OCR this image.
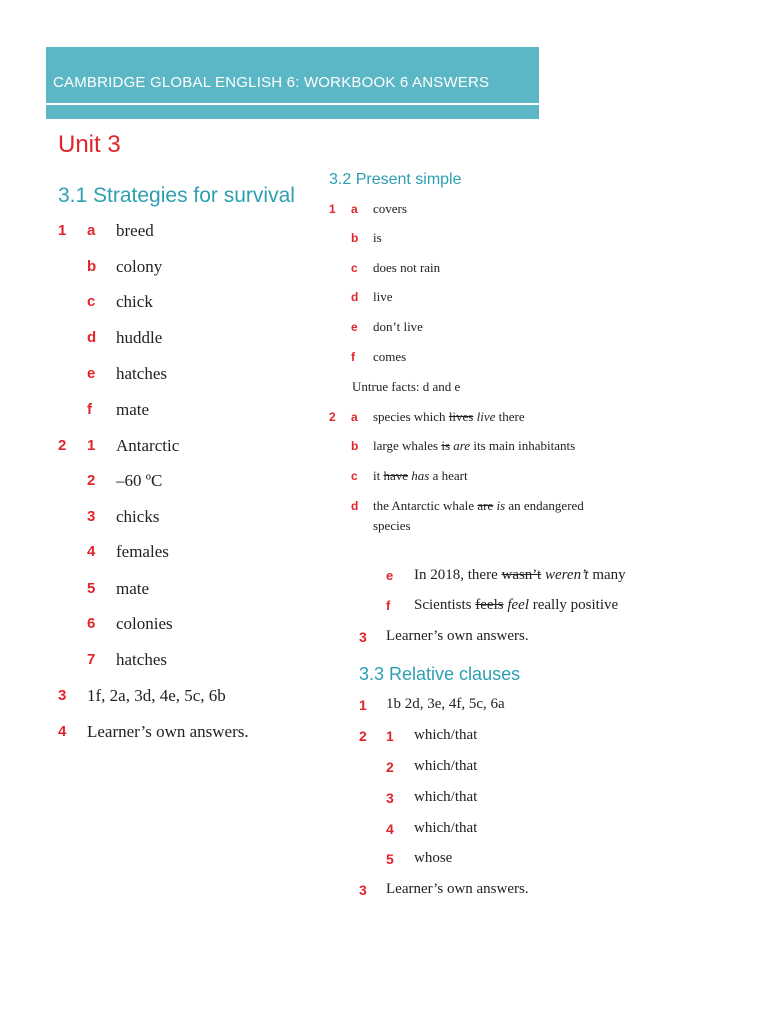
CAMBRIDGE GLOBAL ENGLISH 6: WORKBOOK 6 ANSWERS
Unit 3
3.1 Strategies for survival
1 a breed
b colony
c chick
d huddle
e hatches
f mate
2 1 Antarctic
2 –60 ºC
3 chicks
4 females
5 mate
6 colonies
7 hatches
3 1f, 2a, 3d, 4e, 5c, 6b
4 Learner’s own answers.
3.2 Present simple
1 a covers
b is
c does not rain
d live
e don’t live
f comes
Untrue facts: d and e
2 a species which lives live there
b large whales is are its main inhabitants
c it have has a heart
d the Antarctic whale are is an endangered
species
e In 2018, there wasn’t weren’t many
f Scientists feels feel really positive
3 Learner’s own answers.
3.3 Relative clauses
1 1b 2d, 3e, 4f, 5c, 6a
2 1 which/that
2 which/that
3 which/that
4 which/that
5 whose
3 Learner’s own answers.
